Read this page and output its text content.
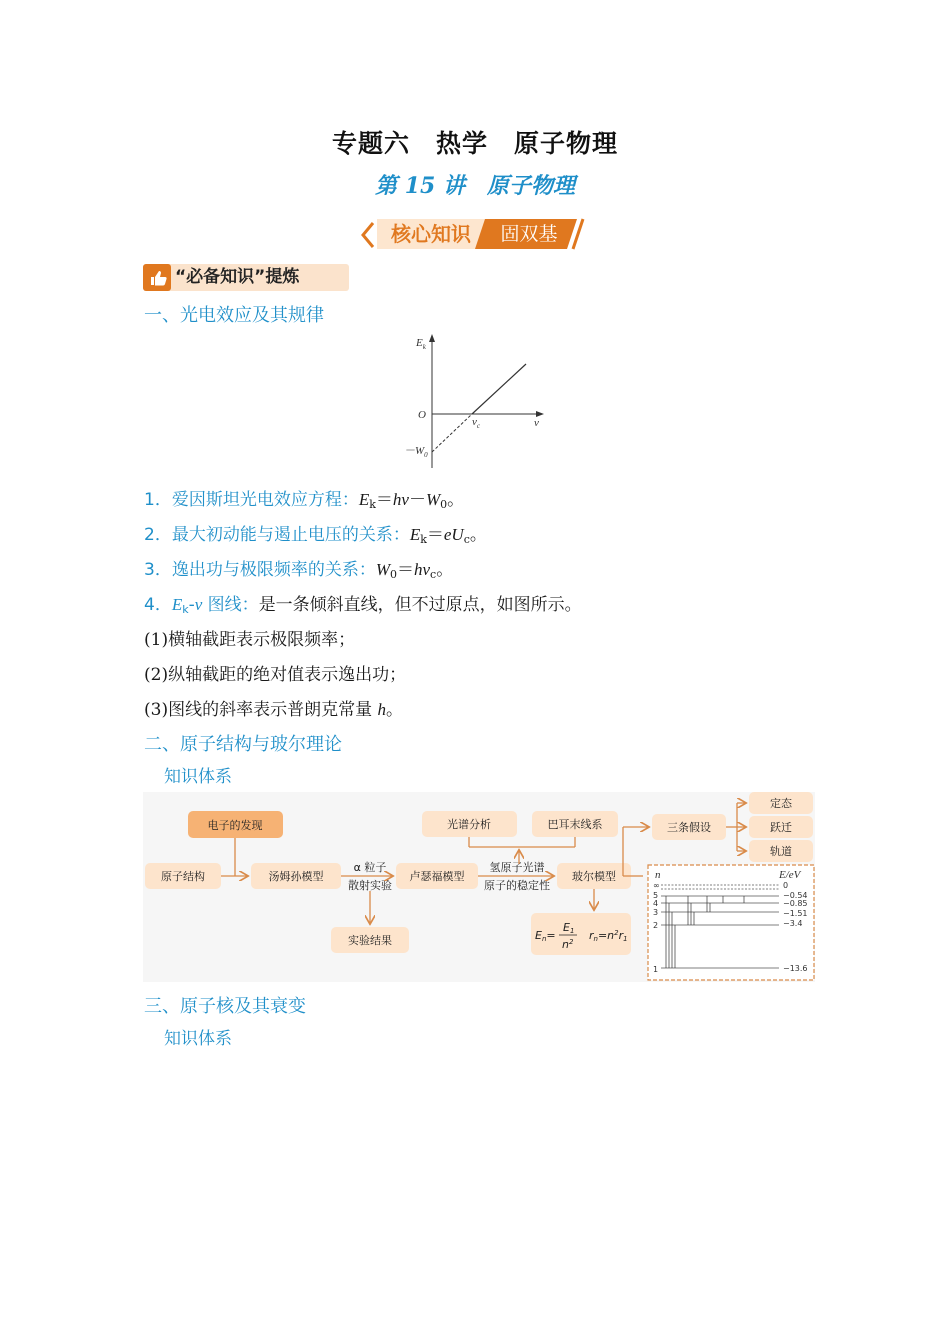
专题六　热学　原子物理
第 15 讲　原子物理
核心知识	固双基
“必备知识”提炼
一、光电效应及其规律
$E_k$
O
ν
$\nu_c$
$-W_0$
1．爱因斯坦光电效应方程：Ek＝hν－W0。
2．最大初动能与遏止电压的关系：Ek＝eUc。
3．逸出功与极限频率的关系：W0＝hνc。
4．Ek-ν 图线：是一条倾斜直线，但不过原点，如图所示。
(1)横轴截距表示极限频率；
(2)纵轴截距的绝对值表示逸出功；
(3)图线的斜率表示普朗克常量 h。
二、原子结构与玻尔理论
知识体系
电子的发现
原子结构	汤姆孙模型
实验结果
卢瑟福模型
光谱分析	巴耳末线系
玻尔模型
三条假设
定态
跃迁
轨道
En=
E1
$n^2$ $rn=n^2r1$
α 粒子
散射实验
氢原子光谱
原子的稳定性
n	E/eV
∞
5
4
3
2
1
0
−0.54
−0.85
−1.51
−3.4
−13.6
三、原子核及其衰变
知识体系
